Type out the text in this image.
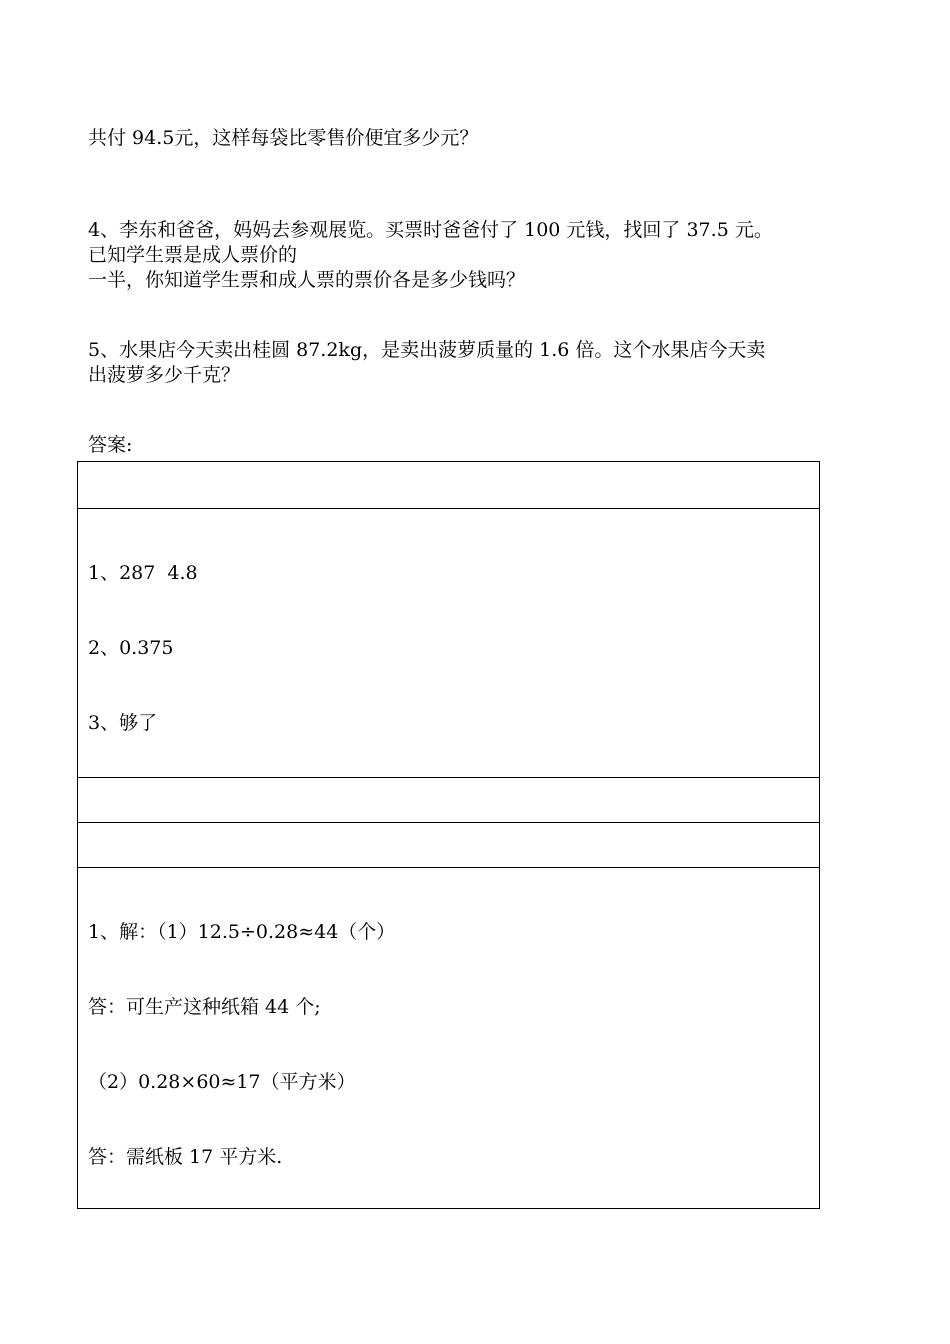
共付 94.5元，这样每袋比零售价便宜多少元？
4、李东和爸爸，妈妈去参观展览。买票时爸爸付了 100 元钱，找回了 37.5 元。
已知学生票是成人票价的
一半，你知道学生票和成人票的票价各是多少钱吗？
5、水果店今天卖出桂圆 87.2kg，是卖出菠萝质量的 1.6 倍。这个水果店今天卖
出菠萝多少千克？
答案:

1、287  4.8

2、0.375

3、够了

1、解：（1）12.5÷0.28≈44（个）

答：可生产这种纸箱 44 个;

（2）0.28×60≈17（平方米）

答：需纸板 17 平方米.
